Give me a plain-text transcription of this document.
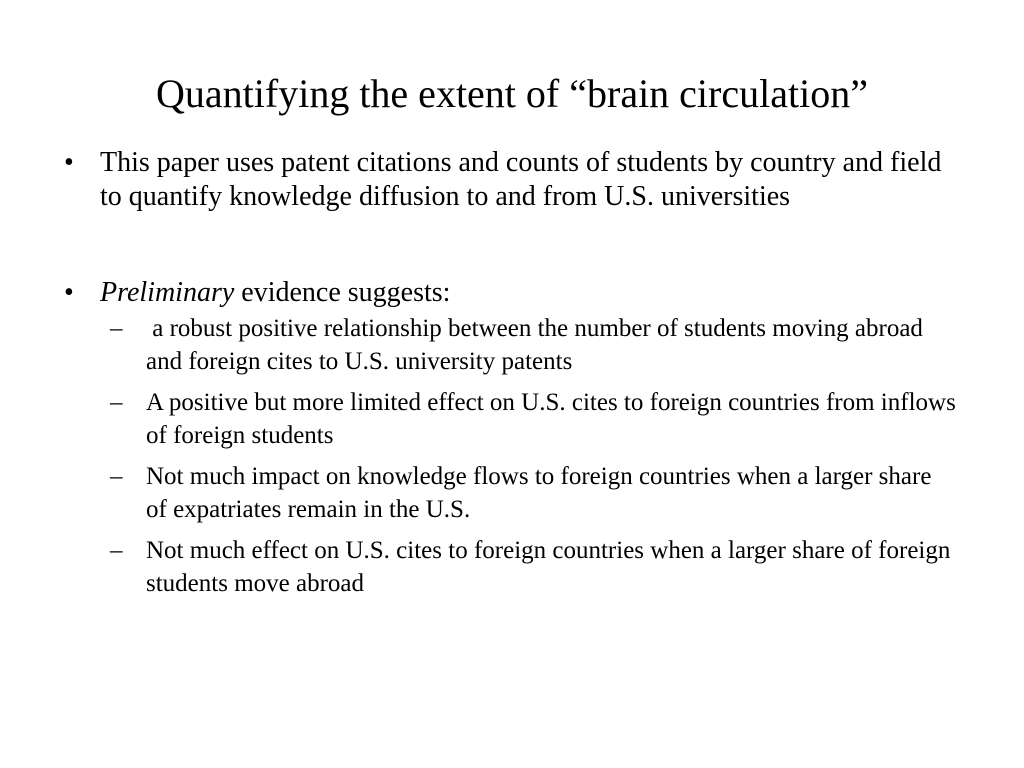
Quantifying the extent of “brain circulation”
• This paper uses patent citations and counts of students by country and field to quantify knowledge diffusion to and from U.S. universities
• Preliminary evidence suggests:
– a robust positive relationship between the number of students moving abroad and foreign cites to U.S. university patents
– A positive but more limited effect on U.S. cites to foreign countries from inflows of foreign students
– Not much impact on knowledge flows to foreign countries when a larger share of expatriates remain in the U.S.
– Not much effect on U.S. cites to foreign countries when a larger share of foreign students move abroad
